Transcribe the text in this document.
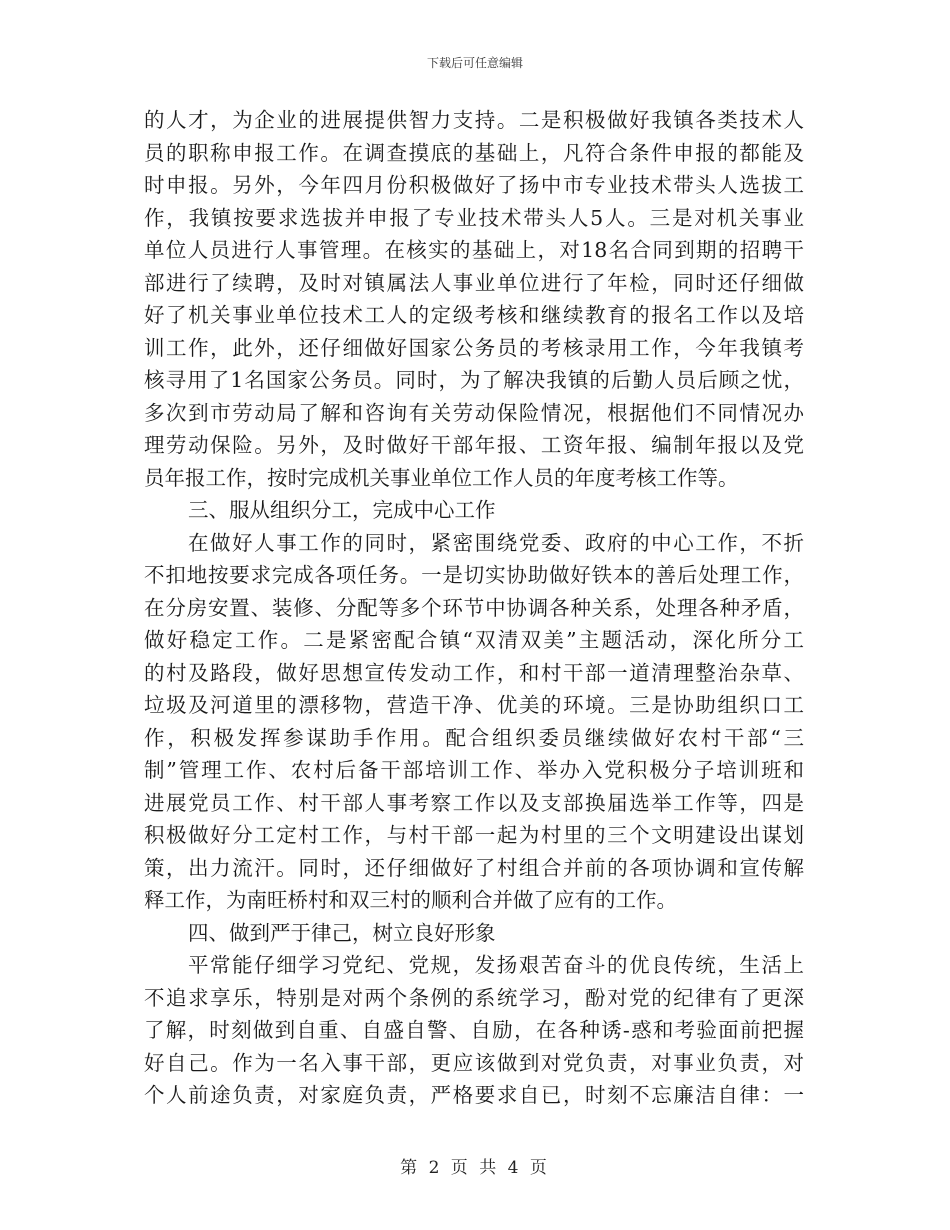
下载后可任意编辑
的人才，为企业的进展提供智力支持。二是积极做好我镇各类技术人
员的职称申报工作。在调查摸底的基础上，凡符合条件申报的都能及
时申报。另外，今年四月份积极做好了扬中市专业技术带头人选拔工
作，我镇按要求选拔并申报了专业技术带头人5人。三是对机关事业
单位人员进行人事管理。在核实的基础上，对18名合同到期的招聘干
部进行了续聘，及时对镇属法人事业单位进行了年检，同时还仔细做
好了机关事业单位技术工人的定级考核和继续教育的报名工作以及培
训工作，此外，还仔细做好国家公务员的考核录用工作，今年我镇考
核寻用了1名国家公务员。同时，为了解决我镇的后勤人员后顾之忧，
多次到市劳动局了解和咨询有关劳动保险情况，根据他们不同情况办
理劳动保险。另外，及时做好干部年报、工资年报、编制年报以及党
员年报工作，按时完成机关事业单位工作人员的年度考核工作等。
三、服从组织分工，完成中心工作
在做好人事工作的同时，紧密围绕党委、政府的中心工作，不折
不扣地按要求完成各项任务。一是切实协助做好铁本的善后处理工作，
在分房安置、装修、分配等多个环节中协调各种关系，处理各种矛盾，
做好稳定工作。二是紧密配合镇“双清双美”主题活动，深化所分工
的村及路段，做好思想宣传发动工作，和村干部一道清理整治杂草、
垃圾及河道里的漂移物，营造干净、优美的环境。三是协助组织口工
作，积极发挥参谋助手作用。配合组织委员继续做好农村干部“三
制”管理工作、农村后备干部培训工作、举办入党积极分子培训班和
进展党员工作、村干部人事考察工作以及支部换届选举工作等，四是
积极做好分工定村工作，与村干部一起为村里的三个文明建设出谋划
策，出力流汗。同时，还仔细做好了村组合并前的各项协调和宣传解
释工作，为南旺桥村和双三村的顺利合并做了应有的工作。
四、做到严于律己，树立良好形象
平常能仔细学习党纪、党规，发扬艰苦奋斗的优良传统，生活上
不追求享乐，特别是对两个条例的系统学习，酚对党的纪律有了更深
了解，时刻做到自重、自盛自警、自励，在各种诱-惑和考验面前把握
好自己。作为一名入事干部，更应该做到对党负责，对事业负责，对
个人前途负责，对家庭负责，严格要求自已，时刻不忘廉洁自律：一
第 2 页 共 4 页
